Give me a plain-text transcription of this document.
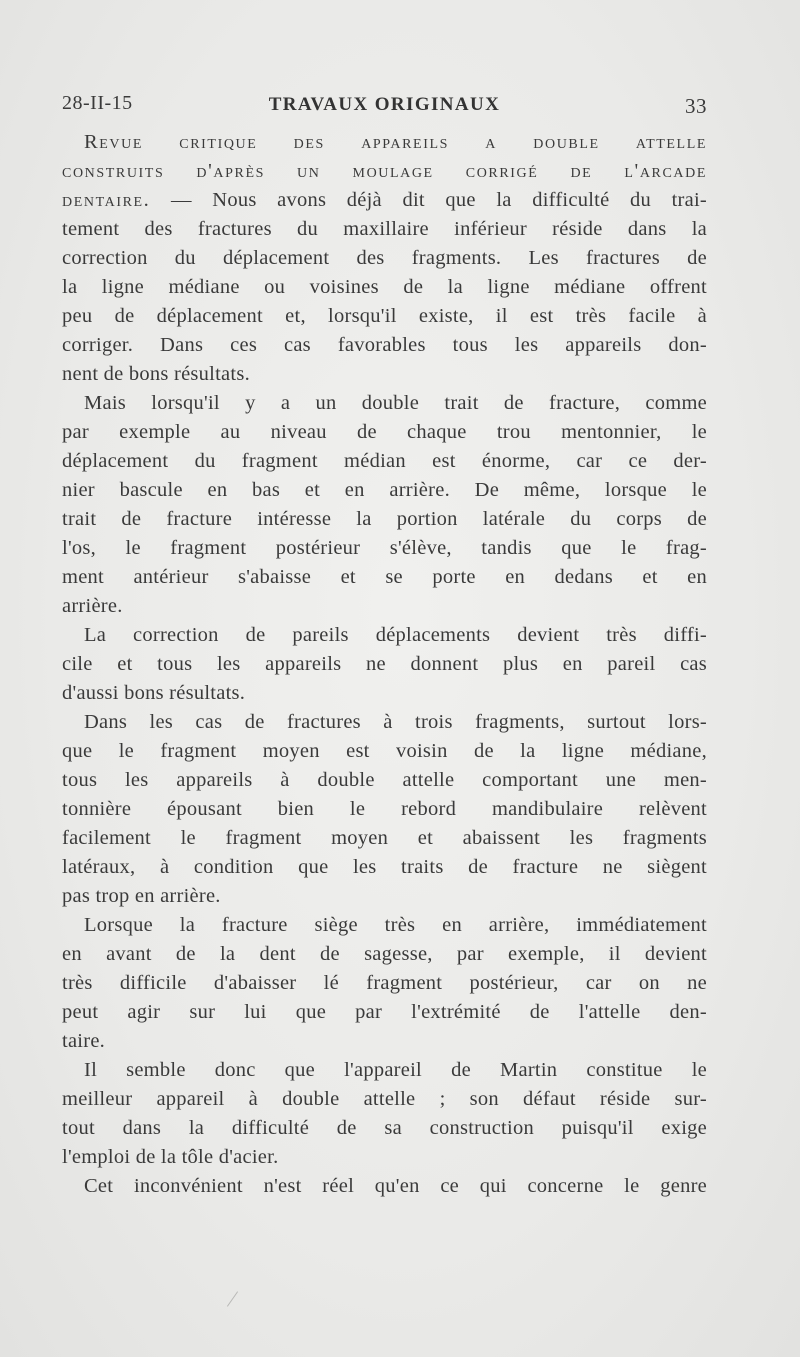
28-II-15	TRAVAUX ORIGINAUX	33
Revue critique des appareils a double attelle
construits d'après un moulage corrigé de l'arcade
dentaire. — Nous avons déjà dit que la difficulté du trai-
tement des fractures du maxillaire inférieur réside dans la
correction du déplacement des fragments. Les fractures de
la ligne médiane ou voisines de la ligne médiane offrent
peu de déplacement et, lorsqu'il existe, il est très facile à
corriger. Dans ces cas favorables tous les appareils don-
nent de bons résultats.
Mais lorsqu'il y a un double trait de fracture, comme
par exemple au niveau de chaque trou mentonnier, le
déplacement du fragment médian est énorme, car ce der-
nier bascule en bas et en arrière. De même, lorsque le
trait de fracture intéresse la portion latérale du corps de
l'os, le fragment postérieur s'élève, tandis que le frag-
ment antérieur s'abaisse et se porte en dedans et en
arrière.
La correction de pareils déplacements devient très diffi-
cile et tous les appareils ne donnent plus en pareil cas
d'aussi bons résultats.
Dans les cas de fractures à trois fragments, surtout lors-
que le fragment moyen est voisin de la ligne médiane,
tous les appareils à double attelle comportant une men-
tonnière épousant bien le rebord mandibulaire relèvent
facilement le fragment moyen et abaissent les fragments
latéraux, à condition que les traits de fracture ne siègent
pas trop en arrière.
Lorsque la fracture siège très en arrière, immédiatement
en avant de la dent de sagesse, par exemple, il devient
très difficile d'abaisser lé fragment postérieur, car on ne
peut agir sur lui que par l'extrémité de l'attelle den-
taire.
Il semble donc que l'appareil de Martin constitue le
meilleur appareil à double attelle ; son défaut réside sur-
tout dans la difficulté de sa construction puisqu'il exige
l'emploi de la tôle d'acier.
Cet inconvénient n'est réel qu'en ce qui concerne le genre
